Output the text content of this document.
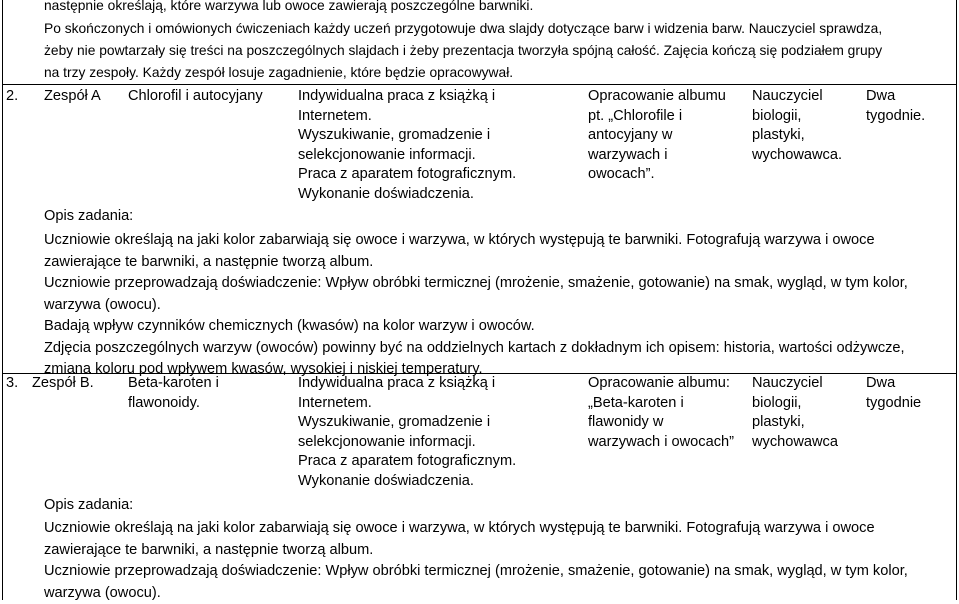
następnie określają, które warzywa lub owoce zawierają poszczególne barwniki.
Po skończonych i omówionych ćwiczeniach każdy uczeń przygotowuje dwa slajdy dotyczące barw i widzenia barw. Nauczyciel sprawdza,
żeby nie powtarzały się treści na poszczególnych slajdach i żeby prezentacja tworzyła spójną całość. Zajęcia kończą się podziałem grupy
na trzy zespoły. Każdy zespół losuje zagadnienie, które będzie opracowywał.
2. Zespół A Chlorofil i autocyjany Indywidualna praca z książką i
Internetem.
Wyszukiwanie, gromadzenie i
selekcjonowanie informacji.
Praca z aparatem fotograficznym.
Wykonanie doświadczenia.
Opracowanie albumu
pt. „Chlorofile i
antocyjany w
warzywach i
owocach”.
Nauczyciel
biologii,
plastyki,
wychowawca.
Dwa
tygodnie.
Opis zadania:
Uczniowie określają na jaki kolor zabarwiają się owoce i warzywa, w których występują te barwniki. Fotografują warzywa i owoce
zawierające te barwniki, a następnie tworzą album.
Uczniowie przeprowadzają doświadczenie: Wpływ obróbki termicznej (mrożenie, smażenie, gotowanie) na smak, wygląd, w tym kolor,
warzywa (owocu).
Badają wpływ czynników chemicznych (kwasów) na kolor warzyw i owoców.
Zdjęcia poszczególnych warzyw (owoców) powinny być na oddzielnych kartach z dokładnym ich opisem: historia, wartości odżywcze,
zmiana koloru pod wpływem kwasów, wysokiej i niskiej temperatury.
3. Zespół B. Beta-karoten i
flawonoidy.
Indywidualna praca z książką i
Internetem.
Wyszukiwanie, gromadzenie i
selekcjonowanie informacji.
Praca z aparatem fotograficznym.
Wykonanie doświadczenia.
Opracowanie albumu:
„Beta-karoten i
flawonidy w
warzywach i owocach”
Nauczyciel
biologii,
plastyki,
wychowawca
Dwa
tygodnie
Opis zadania:
Uczniowie określają na jaki kolor zabarwiają się owoce i warzywa, w których występują te barwniki. Fotografują warzywa i owoce
zawierające te barwniki, a następnie tworzą album.
Uczniowie przeprowadzają doświadczenie: Wpływ obróbki termicznej (mrożenie, smażenie, gotowanie) na smak, wygląd, w tym kolor,
warzywa (owocu).
